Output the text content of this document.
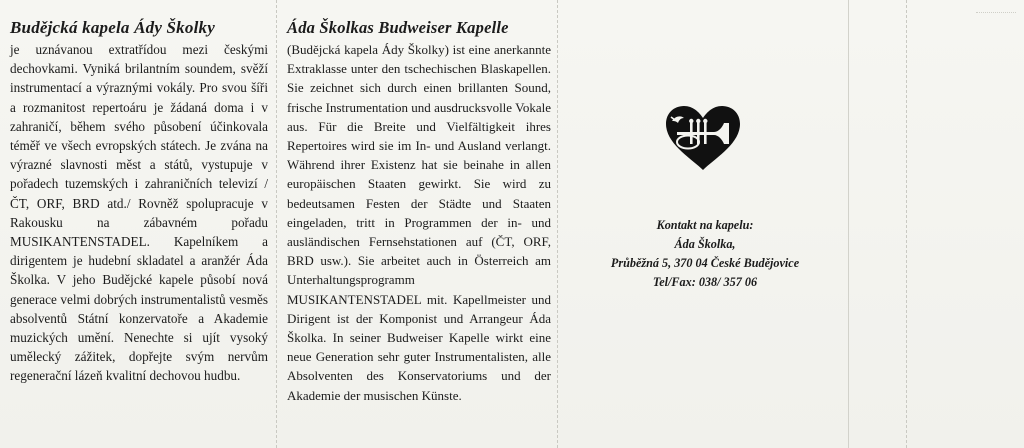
Budějcká kapela Ády Školky

je uznávanou extratřídou mezi českými dechovkami. Vyniká brilantním soundem, svěží instrumentací a výraznými vokály. Pro svou šíři a rozmanitost repertoáru je žádaná doma i v zahraničí, během svého působení účinkovala téměř ve všech evropských státech. Je zvána na výrazné slavnosti měst a států, vystupuje v pořadech tuzemských i zahraničních televizí /ČT, ORF, BRD atd./ Rovněž spolupracuje v Rakousku na zábavném pořadu MUSIKANTENSTADEL. Kapelníkem a dirigentem je hudební skladatel a aranžér Áda Školka. V jeho Budějcké kapele působí nová generace velmi dobrých instrumentalistů vesměs absolventů Státní konzervatoře a Akademie muzických umění. Nenechte si ujít vysoký umělecký zážitek, dopřejte svým nervům regenerační lázeň kvalitní dechovou hudbu.

Áda Školkas Budweiser Kapelle

(Budějcká kapela Ády Školky) ist eine anerkannte Extraklasse unter den tschechischen Blaskapellen. Sie zeichnet sich durch einen brillanten Sound, frische Instrumentation und ausdrucksvolle Vokale aus. Für die Breite und Vielfältigkeit ihres Repertoires wird sie im In- und Ausland verlangt. Während ihrer Existenz hat sie beinahe in allen europäischen Staaten gewirkt. Sie wird zu bedeutsamen Festen der Städte und Staaten eingeladen, tritt in Programmen der in- und ausländischen Fernsehstationen auf (ČT, ORF, BRD usw.). Sie arbeitet auch in Österreich am Unterhaltungsprogramm MUSIKANTENSTADEL mit. Kapellmeister und Dirigent ist der Komponist und Arrangeur Áda Školka. In seiner Budweiser Kapelle wirkt eine neue Generation sehr guter Instrumentalisten, alle Absolventen des Konservatoriums und der Akademie der musischen Künste.

Kontakt na kapelu:
Áda Školka,
Průběžná 5, 370 04 České Budějovice
Tel/Fax: 038/ 357 06
